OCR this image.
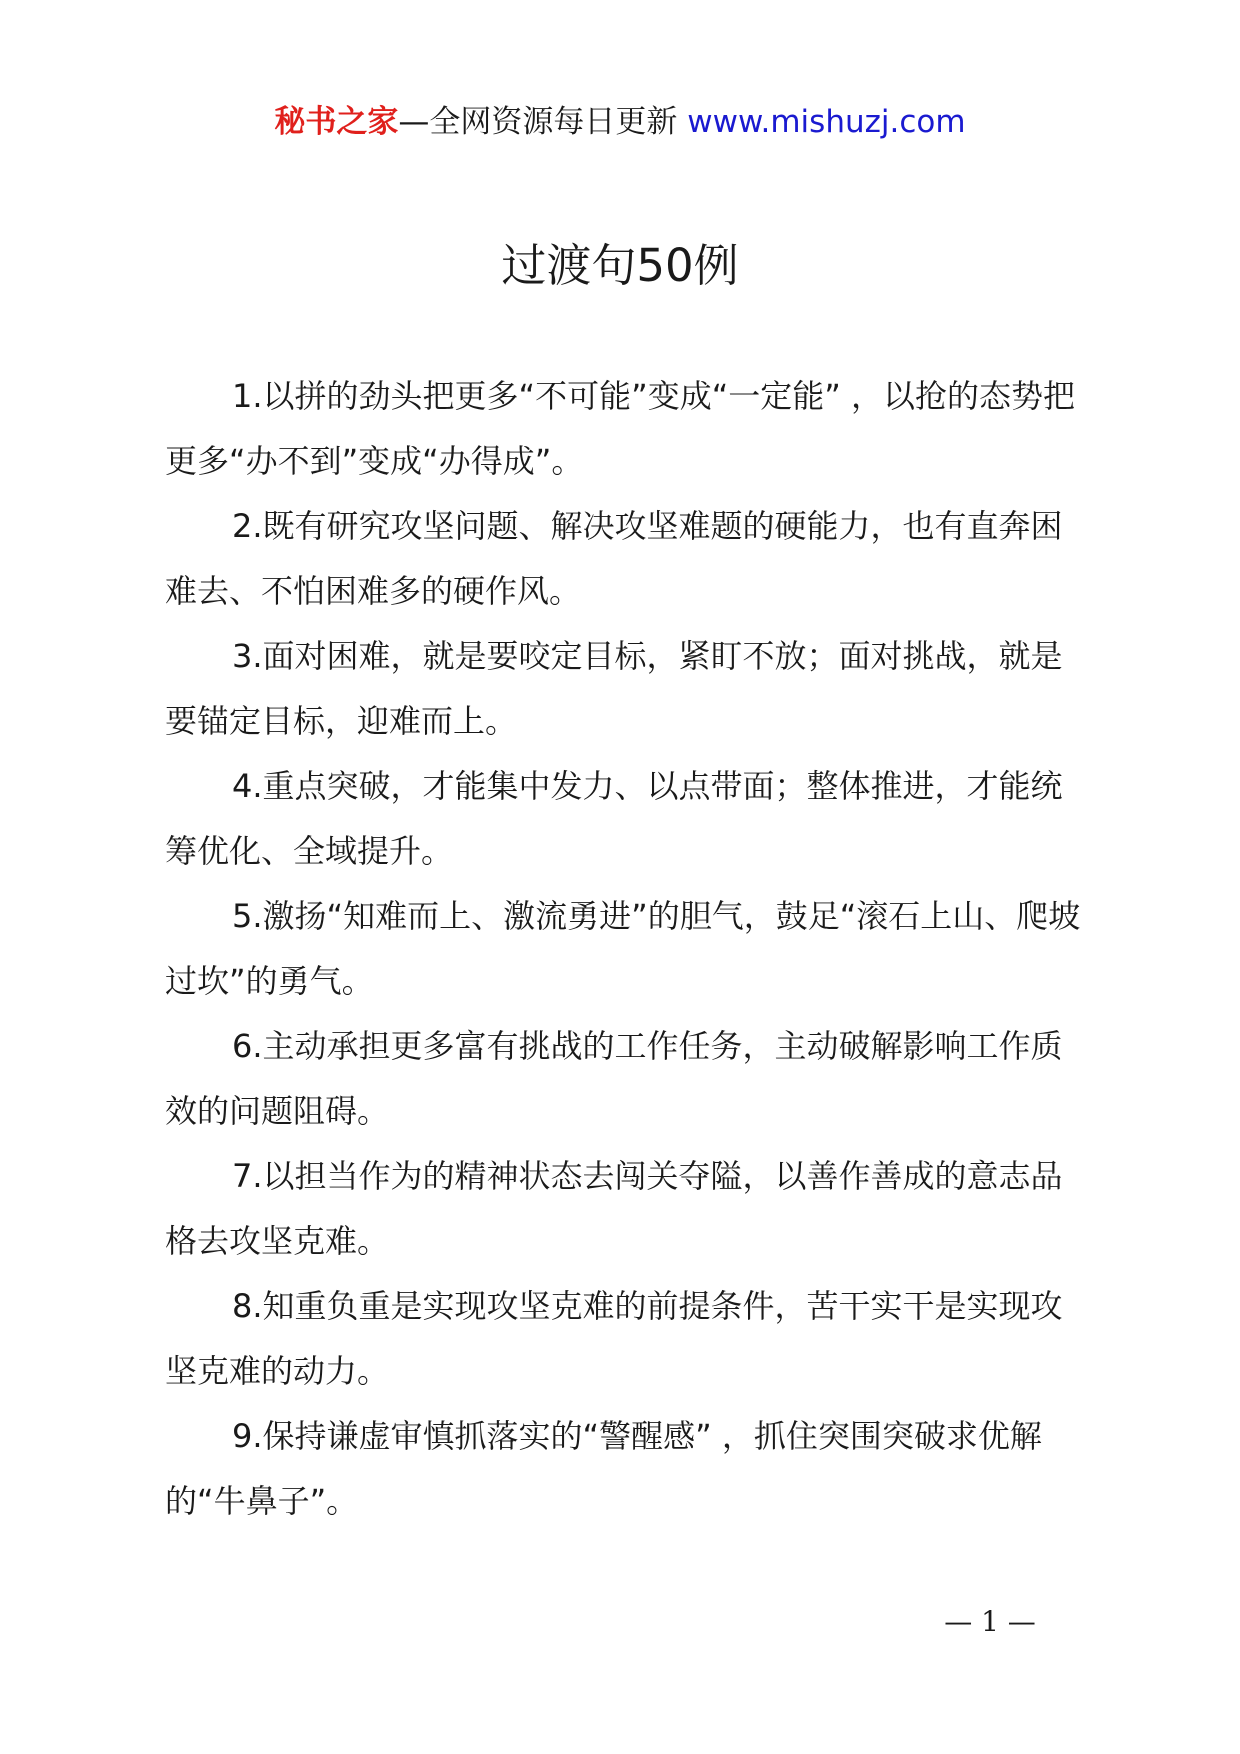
秘书之家—全网资源每日更新 www.mishuzj.com
过渡句50例

1.以拼的劲头把更多“不可能”变成“一定能” ，以抢的态势把更多“办不到”变成“办得成”。

2.既有研究攻坚问题、解决攻坚难题的硬能力，也有直奔困难去、不怕困难多的硬作风。

3.面对困难，就是要咬定目标，紧盯不放；面对挑战，就是要锚定目标，迎难而上。

4.重点突破，才能集中发力、以点带面；整体推进，才能统筹优化、全域提升。

5.激扬“知难而上、激流勇进”的胆气，鼓足“滚石上山、爬坡过坎”的勇气。

6.主动承担更多富有挑战的工作任务，主动破解影响工作质效的问题阻碍。

7.以担当作为的精神状态去闯关夺隘，以善作善成的意志品格去攻坚克难。

8.知重负重是实现攻坚克难的前提条件，苦干实干是实现攻坚克难的动力。

9.保持谦虚审慎抓落实的“警醒感” ，抓住突围突破求优解的“牛鼻子”。

— 1 —
